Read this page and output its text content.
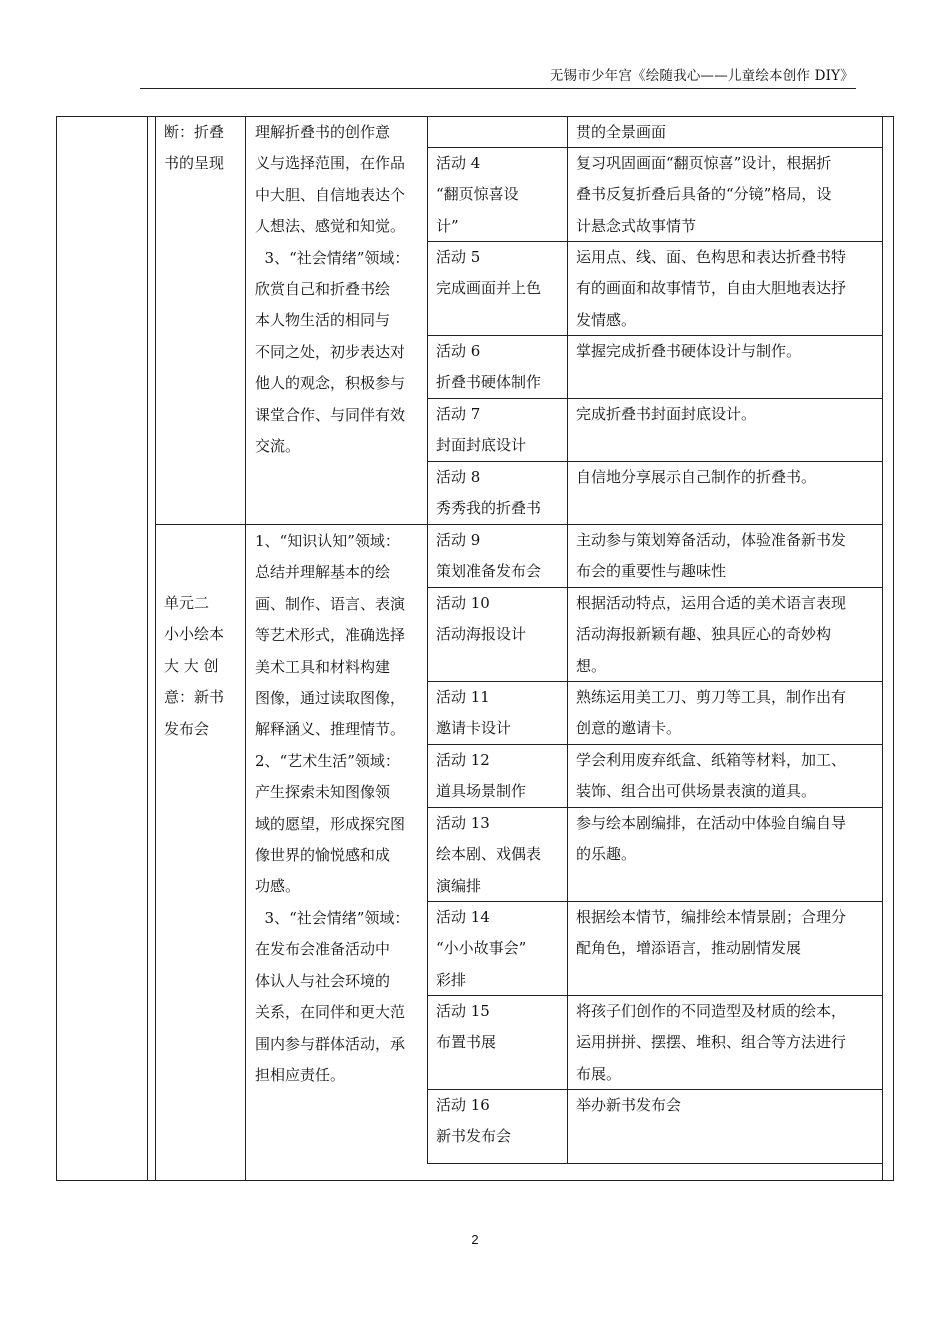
无锡市少年宫《绘随我心——儿童绘本创作 DIY》
断：折叠
书的呈现
单元二
小小绘本
大 大 创
意：新书
发布会
理解折叠书的创作意
义与选择范围，在作品
中大胆、自信地表达个
人想法、感觉和知觉。
3、“社会情绪”领域：
欣赏自己和折叠书绘
本人物生活的相同与
不同之处，初步表达对
他人的观念，积极参与
课堂合作、与同伴有效
交流。
1、“知识认知”领域：
总结并理解基本的绘
画、制作、语言、表演
等艺术形式，准确选择
美术工具和材料构建
图像，通过读取图像，
解释涵义、推理情节。
2、“艺术生活”领域：
产生探索未知图像领
域的愿望，形成探究图
像世界的愉悦感和成
功感。
3、“社会情绪”领域：
在发布会准备活动中
体认人与社会环境的
关系，在同伴和更大范
围内参与群体活动，承
担相应责任。
贯的全景画面
活动 4
“翻页惊喜设
计”
复习巩固画面“翻页惊喜”设计，根据折
叠书反复折叠后具备的“分镜”格局，设
计悬念式故事情节
活动 5
完成画面并上色
运用点、线、面、色构思和表达折叠书特
有的画面和故事情节，自由大胆地表达抒
发情感。
活动 6
折叠书硬体制作
掌握完成折叠书硬体设计与制作。
活动 7
封面封底设计
完成折叠书封面封底设计。
活动 8
秀秀我的折叠书
自信地分享展示自己制作的折叠书。
活动 9
策划准备发布会
主动参与策划筹备活动，体验准备新书发
布会的重要性与趣味性
活动 10
活动海报设计
根据活动特点，运用合适的美术语言表现
活动海报新颖有趣、独具匠心的奇妙构
想。
活动 11
邀请卡设计
熟练运用美工刀、剪刀等工具，制作出有
创意的邀请卡。
活动 12
道具场景制作
学会利用废弃纸盒、纸箱等材料，加工、
装饰、组合出可供场景表演的道具。
活动 13
绘本剧、戏偶表
演编排
参与绘本剧编排，在活动中体验自编自导
的乐趣。
活动 14
“小小故事会”
彩排
根据绘本情节，编排绘本情景剧；合理分
配角色，增添语言，推动剧情发展
活动 15
布置书展
将孩子们创作的不同造型及材质的绘本，
运用拼拼、摆摆、堆积、组合等方法进行
布展。
活动 16
新书发布会
举办新书发布会
2
